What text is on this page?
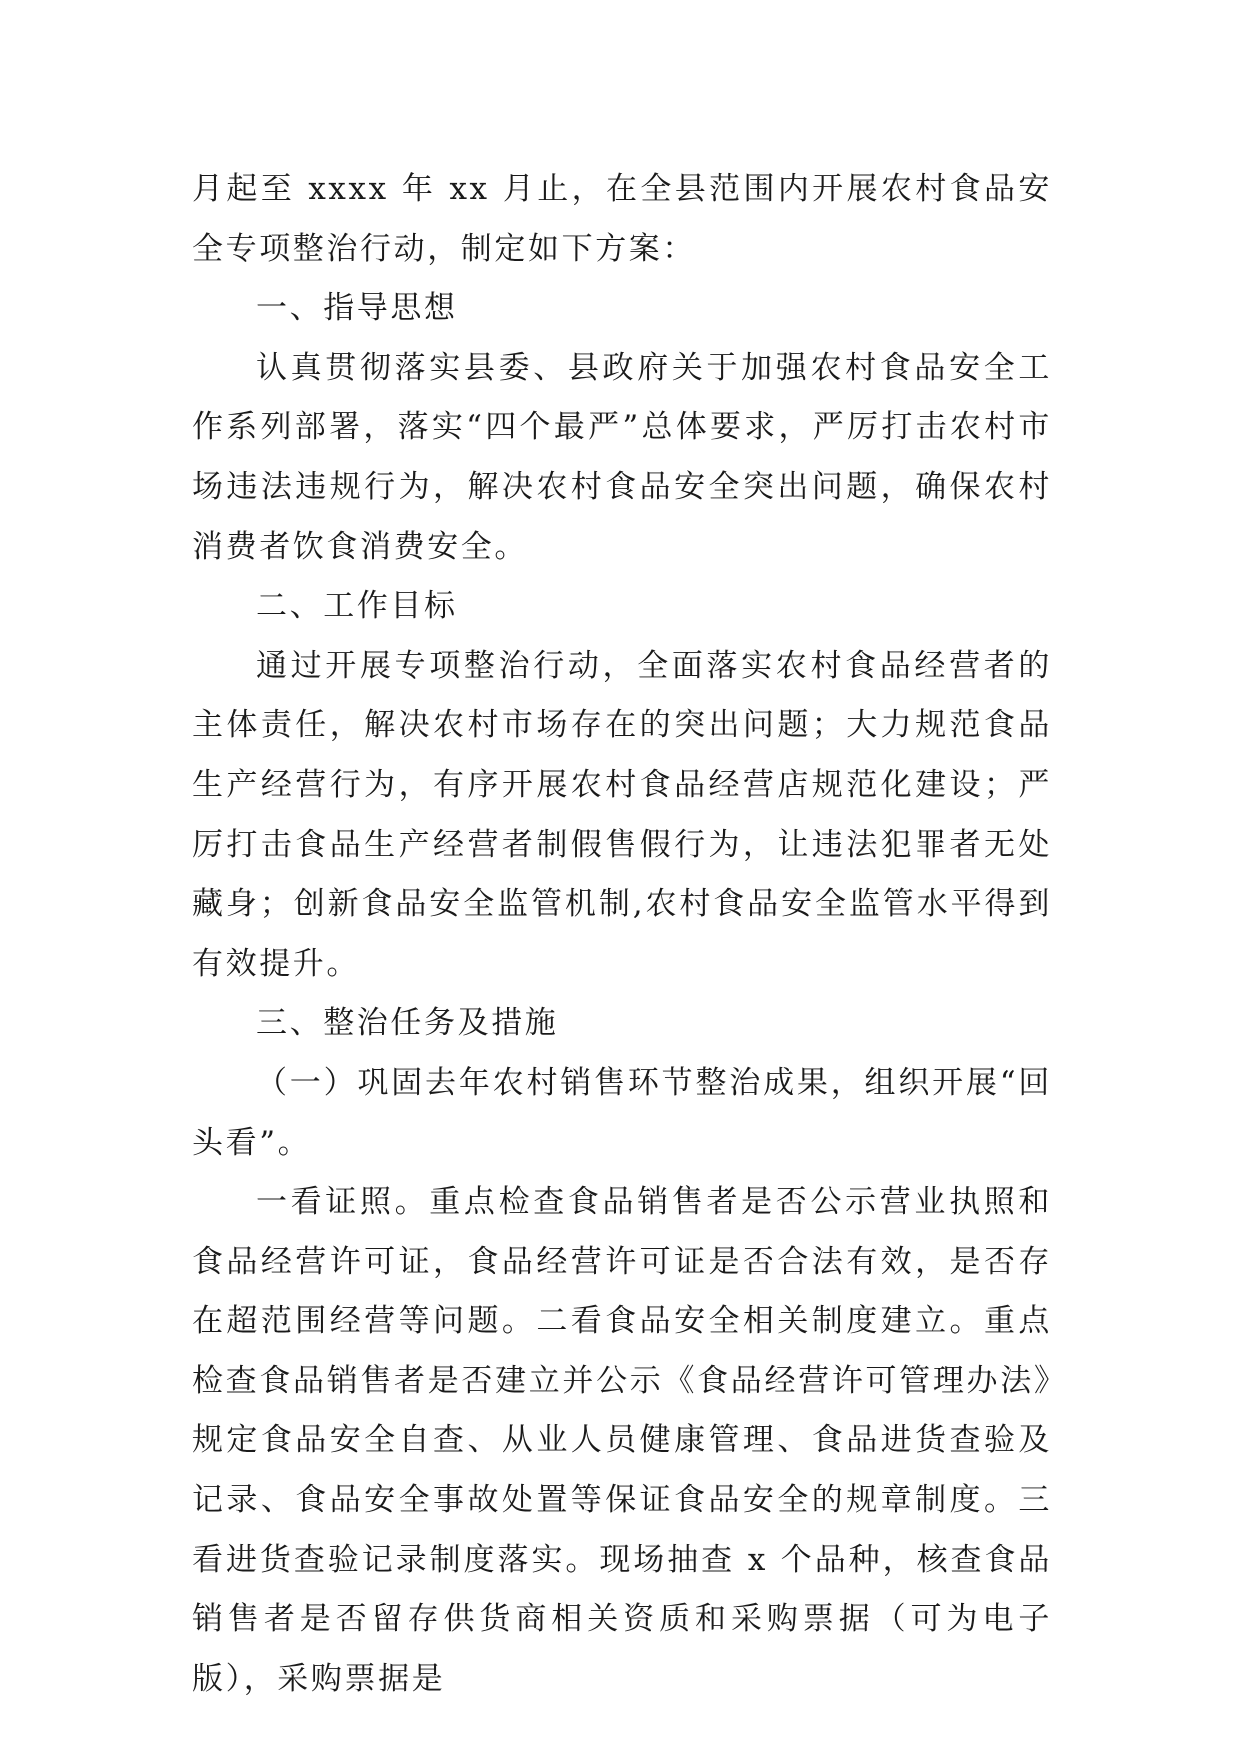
月起至 xxxx 年 xx 月止，在全县范围内开展农村食品安全专项整治行动，制定如下方案：

一、指导思想

认真贯彻落实县委、县政府关于加强农村食品安全工作系列部署，落实“四个最严”总体要求，严厉打击农村市场违法违规行为，解决农村食品安全突出问题，确保农村消费者饮食消费安全。

二、工作目标

通过开展专项整治行动，全面落实农村食品经营者的主体责任，解决农村市场存在的突出问题；大力规范食品生产经营行为，有序开展农村食品经营店规范化建设；严厉打击食品生产经营者制假售假行为，让违法犯罪者无处藏身；创新食品安全监管机制,农村食品安全监管水平得到有效提升。

三、整治任务及措施

（一）巩固去年农村销售环节整治成果，组织开展“回头看”。

一看证照。重点检查食品销售者是否公示营业执照和食品经营许可证，食品经营许可证是否合法有效，是否存在超范围经营等问题。二看食品安全相关制度建立。重点检查食品销售者是否建立并公示《食品经营许可管理办法》规定食品安全自查、从业人员健康管理、食品进货查验及记录、食品安全事故处置等保证食品安全的规章制度。三看进货查验记录制度落实。现场抽查 x 个品种，核查食品销售者是否留存供货商相关资质和采购票据（可为电子版），采购票据是
